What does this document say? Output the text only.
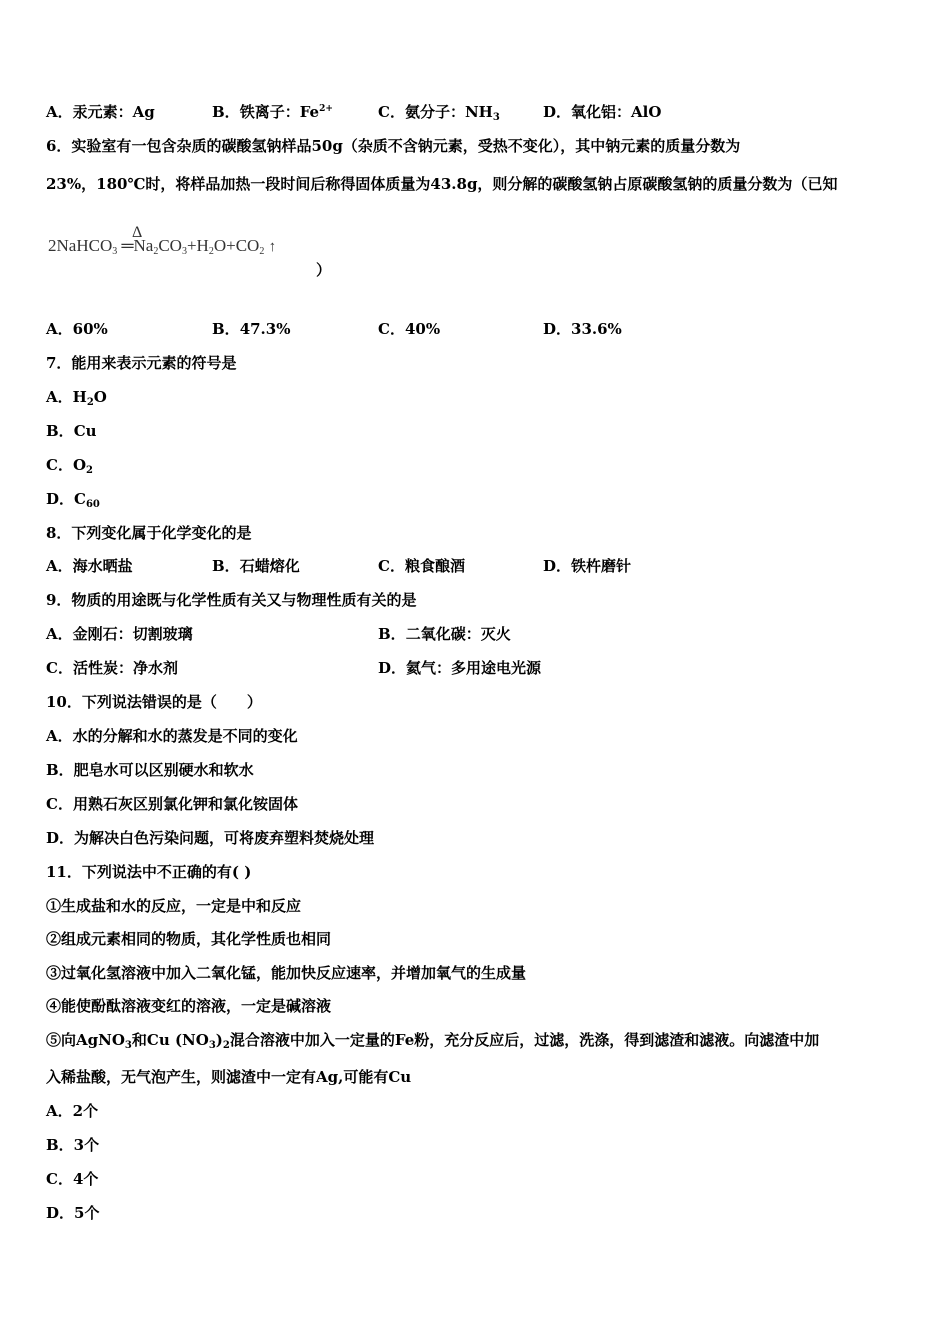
A．汞元素：Ag	B．铁离子：$Fe^{2+}$	C．氨分子：$NH_3$	D．氧化铝：AlO
6．实验室有一包含杂质的碳酸氢钠样品50g（杂质不含钠元素，受热不变化），其中钠元素的质量分数为
23%，180℃时，将样品加热一段时间后称得固体质量为43.8g，则分解的碳酸氢钠占原碳酸氢钠的质量分数为（已知
2NaHCO$_3$
Δ
$═Na_2CO_3+H_2O+CO_2$ ↑
）
A．60%	B．47.3%	C．40%	D．33.6%
7．能用来表示元素的符号是
A．$H_2O$
B．Cu
C．$O_2$
D．$C_{60}$
8．下列变化属于化学变化的是
A．海水晒盐	B．石蜡熔化	C．粮食酿酒	D．铁杵磨针
9．物质的用途既与化学性质有关又与物理性质有关的是
A．金刚石：切割玻璃	B．二氧化碳：灭火
C．活性炭：净水剂	D．氦气：多用途电光源
10．下列说法错误的是（　　）
A．水的分解和水的蒸发是不同的变化
B．肥皂水可以区别硬水和软水
C．用熟石灰区别氯化钾和氯化铵固体
D．为解决白色污染问题，可将废弃塑料焚烧处理
11．下列说法中不正确的有( )
①生成盐和水的反应，一定是中和反应
②组成元素相同的物质，其化学性质也相同
③过氧化氢溶液中加入二氧化锰，能加快反应速率，并增加氧气的生成量
④能使酚酞溶液变红的溶液，一定是碱溶液
⑤向AgNO$_3$和Cu $(NO_3)_2$混合溶液中加入一定量的Fe粉，充分反应后，过滤，洗涤，得到滤渣和滤液。向滤渣中加
入稀盐酸，无气泡产生，则滤渣中一定有Ag,可能有Cu
A．2个
B．3个
C．4个
D．5个
